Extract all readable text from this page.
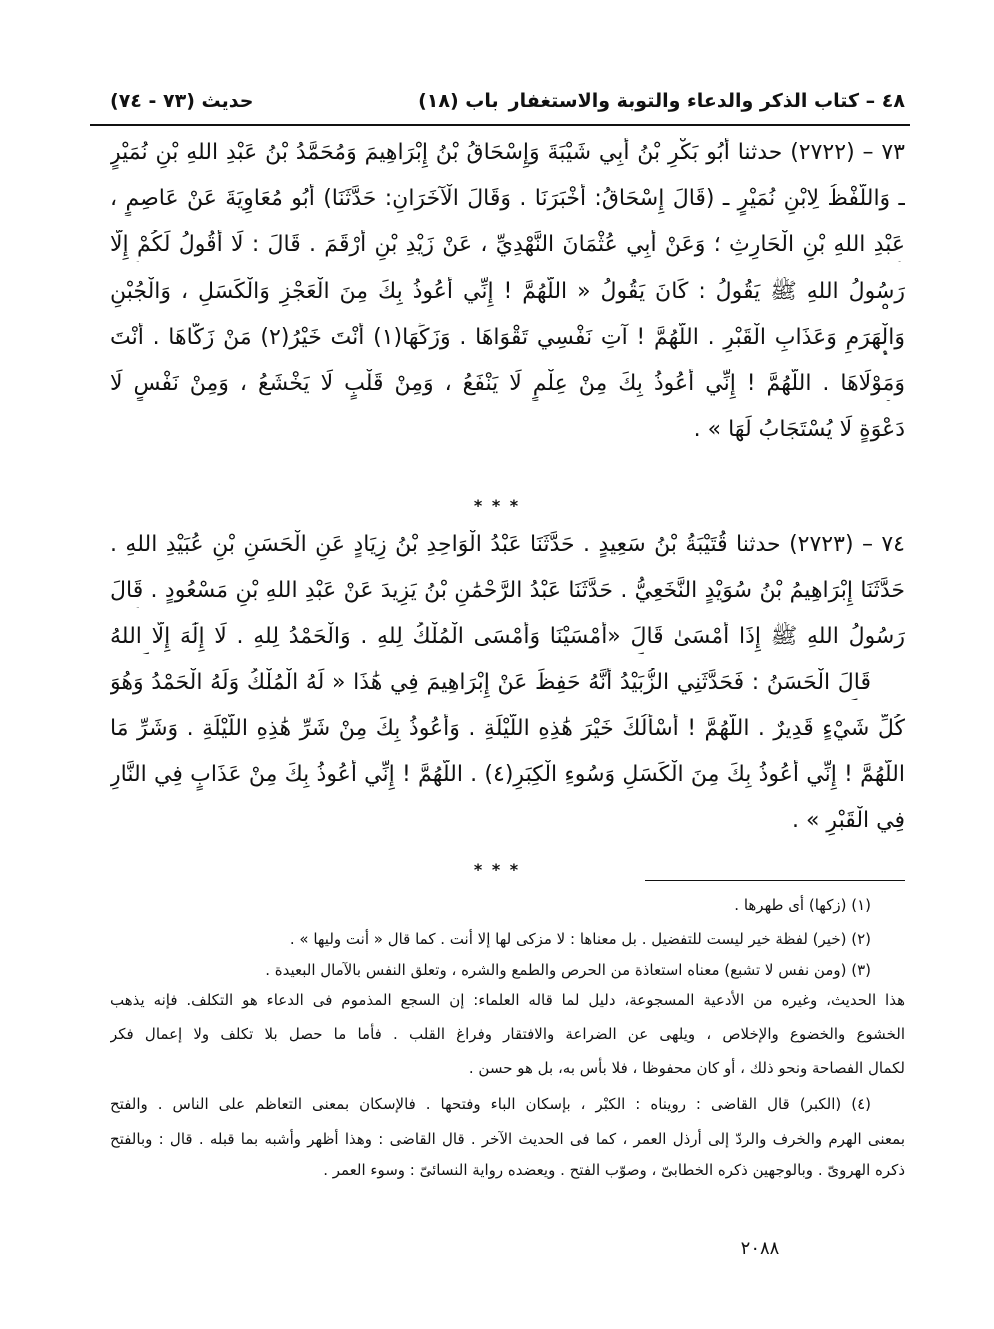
حديث (٧٣ - ٧٤)	باب (١٨) ٤٨ – كتاب الذكر والدعاء والتوبة والاستغفار
٧٣ – (٢٧٢٢) حدثنا أَبُو بَكْرِ بْنُ أَبِي شَيْبَةَ وَإِسْحَاقُ بْنُ إِبْرَاهِيمَ وَمُحَمَّدُ بْنُ عَبْدِ اللهِ بْنِ نُمَيْرٍ
ـ وَاللَّفْظُ لِابْنِ نُمَيْرٍ ـ (قَالَ إِسْحَاقُ: أَخْبَرَنَا . وَقَالَ الْآخَرَانِ: حَدَّثَنَا) أَبُو مُعَاوِيَةَ عَنْ عَاصِمٍ ،
عَبْدِ اللهِ بْنِ الْحَارِثِ ؛ وَعَنْ أَبِي عُثْمَانَ النَّهْدِيِّ ، عَنْ زَيْدِ بْنِ أَرْقَمَ . قَالَ : لَا أَقُولُ لَكُمْ إِلَّا
رَسُولُ اللهِ ﷺ يَقُولُ : كَانَ يَقُولُ « اللَّهُمَّ ! إِنِّي أَعُوذُ بِكَ مِنَ الْعَجْزِ وَالْكَسَلِ ، وَالْجُبْنِ
وَالْهَرَمِ وَعَذَابِ الْقَبْرِ . اللَّهُمَّ ! آتِ نَفْسِي تَقْوَاهَا . وَزَكِّهَا(١) أَنْتَ خَيْرُ(٢) مَنْ زَكَّاهَا . أَنْتَ
وَمَوْلَاهَا . اللَّهُمَّ ! إِنِّي أَعُوذُ بِكَ مِنْ عِلْمٍ لَا يَنْفَعُ ، وَمِنْ قَلْبٍ لَا يَخْشَعُ ، وَمِنْ نَفْسٍ لَا
دَعْوَةٍ لَا يُسْتَجَابُ لَهَا » .
* * *
٧٤ – (٢٧٢٣) حدثنا قُتَيْبَةُ بْنُ سَعِيدٍ . حَدَّثَنَا عَبْدُ الْوَاحِدِ بْنُ زِيَادٍ عَنِ الْحَسَنِ بْنِ عُبَيْدِ اللهِ .
حَدَّثَنَا إِبْرَاهِيمُ بْنُ سُوَيْدٍ النَّخَعِيُّ . حَدَّثَنَا عَبْدُ الرَّحْمَٰنِ بْنُ يَزِيدَ عَنْ عَبْدِ اللهِ بْنِ مَسْعُودٍ . قَالَ
رَسُولُ اللهِ ﷺ إِذَا أَمْسَىٰ قَالَ «أَمْسَيْنَا وَأَمْسَى الْمُلْكُ لِلهِ . وَالْحَمْدُ لِلهِ . لَا إِلَٰهَ إِلَّا اللهُ
قَالَ الْحَسَنُ : فَحَدَّثَنِي الزُّبَيْدُ أَنَّهُ حَفِظَ عَنْ إِبْرَاهِيمَ فِي هَٰذَا « لَهُ الْمُلْكُ وَلَهُ الْحَمْدُ وَهُوَ
كُلِّ شَيْءٍ قَدِيرٌ . اللَّهُمَّ ! أَسْأَلُكَ خَيْرَ هَٰذِهِ اللَّيْلَةِ . وَأَعُوذُ بِكَ مِنْ شَرِّ هَٰذِهِ اللَّيْلَةِ . وَشَرِّ مَا
اللَّهُمَّ ! إِنِّي أَعُوذُ بِكَ مِنَ الْكَسَلِ وَسُوءِ الْكِبَرِ(٤) . اللَّهُمَّ ! إِنِّي أَعُوذُ بِكَ مِنْ عَذَابٍ فِي النَّارِ
فِي الْقَبْرِ » .
* * *
(١) (زكها) أى طهرها .
(٢) (خير) لفظة خير ليست للتفضيل . بل معناها : لا مزكى لها إلا أنت . كما قال « أنت وليها » .
(٣) (ومن نفس لا تشبع) معناه استعاذة من الحرص والطمع والشره ، وتعلق النفس بالآمال البعيدة .
هذا الحديث، وغيره من الأدعية المسجوعة، دليل لما قاله العلماء: إن السجع المذموم فى الدعاء هو التكلف. فإنه يذهب
الخشوع والخضوع والإخلاص ، ويلهى عن الضراعة والافتقار وفراغ القلب . فأما ما حصل بلا تكلف ولا إعمال فكر
لكمال الفصاحة ونحو ذلك ، أو كان محفوظا ، فلا بأس به، بل هو حسن .
(٤) (الكبر) قال القاضى : رويناه : الكبْر ، بإسكان الباء وفتحها . فالإسكان بمعنى التعاظم على الناس . والفتح
بمعنى الهرم والخرف والردّ إلى أرذل العمر ، كما فى الحديث الآخر . قال القاضى : وهذا أظهر وأشبه بما قبله . قال : وبالفتح
ذكره الهروىّ . وبالوجهين ذكره الخطابىّ ، وصوّب الفتح . ويعضده رواية النسائىّ : وسوء العمر .
٢٠٨٨
